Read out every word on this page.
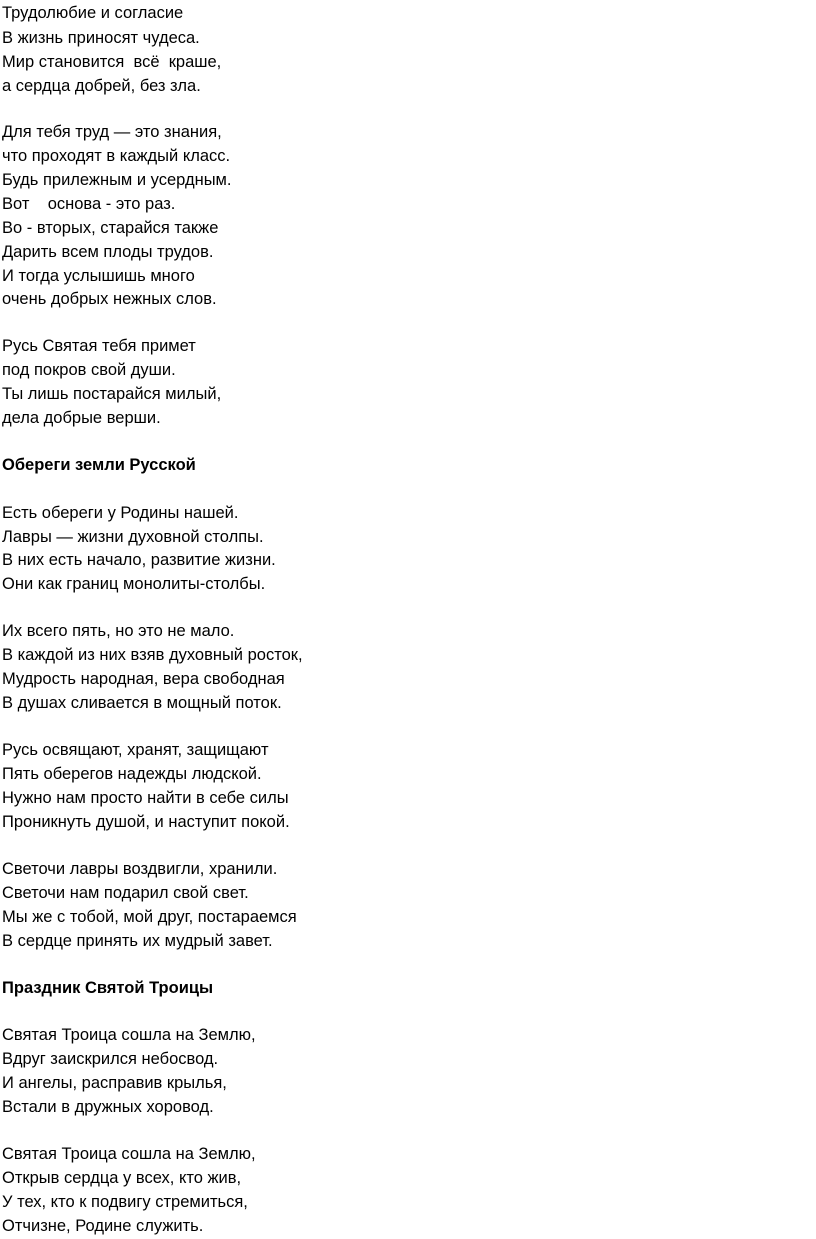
Трудолюбие и согласие
В жизнь приносят чудеса.
Мир становится  всё  краше,
а сердца добрей, без зла.
Для тебя труд — это знания,
что проходят в каждый класс.
Будь прилежным и усердным.
Вот    основа - это раз.
Во - вторых, старайся также
Дарить всем плоды трудов.
И тогда услышишь много
очень добрых нежных слов.
Русь Святая тебя примет
под покров свой души.
Ты лишь постарайся милый,
дела добрые верши.
Обереги земли Русской
Есть обереги у Родины нашей.
Лавры — жизни духовной столпы.
В них есть начало, развитие жизни.
Они как границ монолиты-столбы.
Их всего пять, но это не мало.
В каждой из них взяв духовный росток,
Мудрость народная, вера свободная
В душах сливается в мощный поток.
Русь освящают, хранят, защищают
Пять оберегов надежды людской.
Нужно нам просто найти в себе силы
Проникнуть душой, и наступит покой.
Светочи лавры воздвигли, хранили.
Светочи нам подарил свой свет.
Мы же с тобой, мой друг, постараемся
В сердце принять их мудрый завет.
Праздник Святой Троицы
Святая Троица сошла на Землю,
Вдруг заискрился небосвод.
И ангелы, расправив крылья,
Встали в дружных хоровод.
Святая Троица сошла на Землю,
Открыв сердца у всех, кто жив,
У тех, кто к подвигу стремиться,
Отчизне, Родине служить.
